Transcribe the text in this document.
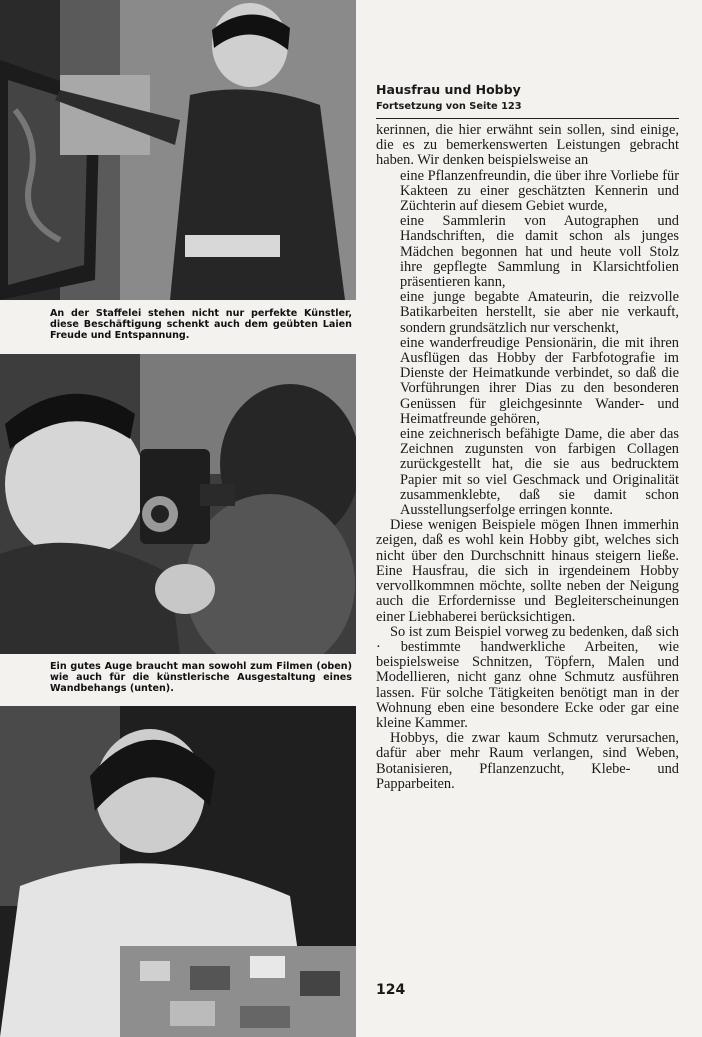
An der Staffelei stehen nicht nur perfekte Künstler, diese Beschäftigung schenkt auch dem geübten Laien Freude und Entspannung.
Ein gutes Auge braucht man sowohl zum Filmen (oben) wie auch für die künstlerische Ausgestaltung eines Wandbehangs (unten).

Hausfrau und Hobby

Fortsetzung von Seite 123

kerinnen, die hier erwähnt sein sollen, sind einige, die es zu bemerkenswerten Leistungen gebracht haben. Wir denken beispielsweise an

eine Pflanzenfreundin, die über ihre Vorliebe für Kakteen zu einer geschätzten Kennerin und Züchterin auf diesem Gebiet wurde,

eine Sammlerin von Autographen und Handschriften, die damit schon als junges Mädchen begonnen hat und heute voll Stolz ihre gepflegte Sammlung in Klarsichtfolien präsentieren kann,

eine junge begabte Amateurin, die reizvolle Batikarbeiten herstellt, sie aber nie verkauft, sondern grundsätzlich nur verschenkt,

eine wanderfreudige Pensionärin, die mit ihren Ausflügen das Hobby der Farbfotografie im Dienste der Heimatkunde verbindet, so daß die Vorführungen ihrer Dias zu den besonderen Genüssen für gleichgesinnte Wander- und Heimatfreunde gehören,

eine zeichnerisch befähigte Dame, die aber das Zeichnen zugunsten von farbigen Collagen zurückgestellt hat, die sie aus bedrucktem Papier mit so viel Geschmack und Originalität zusammenklebte, daß sie damit schon Ausstellungserfolge erringen konnte.

Diese wenigen Beispiele mögen Ihnen immerhin zeigen, daß es wohl kein Hobby gibt, welches sich nicht über den Durchschnitt hinaus steigern ließe. Eine Hausfrau, die sich in irgendeinem Hobby vervollkommnen möchte, sollte neben der Neigung auch die Erfordernisse und Begleiterscheinungen einer Liebhaberei berücksichtigen.

So ist zum Beispiel vorweg zu bedenken, daß sich · bestimmte handwerkliche Arbeiten, wie beispielsweise Schnitzen, Töpfern, Malen und Modellieren, nicht ganz ohne Schmutz ausführen lassen. Für solche Tätigkeiten benötigt man in der Wohnung eben eine besondere Ecke oder gar eine kleine Kammer.

Hobbys, die zwar kaum Schmutz verursachen, dafür aber mehr Raum verlangen, sind Weben, Botanisieren, Pflanzenzucht, Klebe- und Papparbeiten.

124
